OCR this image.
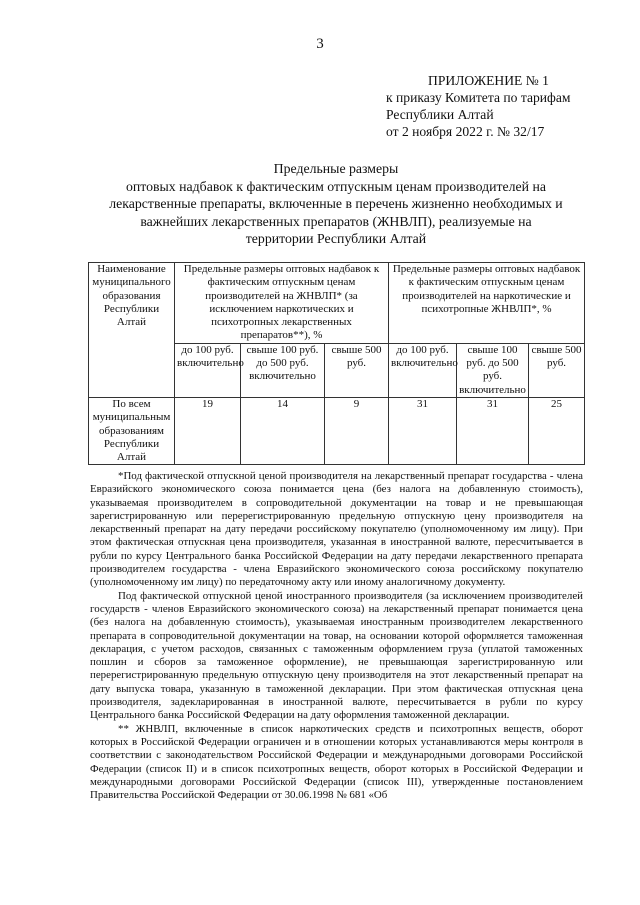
3
ПРИЛОЖЕНИЕ № 1
к приказу Комитета по тарифам
Республики Алтай
от 2 ноября 2022 г. № 32/17
Предельные размеры
оптовых надбавок к фактическим отпускным ценам производителей на
лекарственные препараты, включенные в перечень жизненно необходимых и
важнейших лекарственных препаратов (ЖНВЛП), реализуемые на
территории Республики Алтай
Наименование муниципального образования Республики Алтай	Предельные размеры оптовых надбавок к фактическим отпускным ценам производителей на ЖНВЛП* (за исключением наркотических и психотропных лекарственных препаратов**), %			Предельные размеры оптовых надбавок к фактическим отпускным ценам производителей на наркотические и психотропные ЖНВЛП*, %		
	до 100 руб. включительно	свыше 100 руб. до 500 руб. включительно	свыше 500 руб.	до 100 руб. включительно	свыше 100 руб. до 500 руб. включительно	свыше 500 руб.
По всем муниципальным образованиям Республики Алтай	19	14	9	31	31	25

*Под фактической отпускной ценой производителя на лекарственный препарат государства - члена Евразийского экономического союза понимается цена (без налога на добавленную стоимость), указываемая производителем в сопроводительной документации на товар и не превышающая зарегистрированную или перерегистрированную предельную отпускную цену производителя на лекарственный препарат на дату передачи российскому покупателю (уполномоченному им лицу). При этом фактическая отпускная цена производителя, указанная в иностранной валюте, пересчитывается в рубли по курсу Центрального банка Российской Федерации на дату передачи лекарственного препарата производителем государства - члена Евразийского экономического союза российскому покупателю (уполномоченному им лицу) по передаточному акту или иному аналогичному документу.

Под фактической отпускной ценой иностранного производителя (за исключением производителей государств - членов Евразийского экономического союза) на лекарственный препарат понимается цена (без налога на добавленную стоимость), указываемая иностранным производителем лекарственного препарата в сопроводительной документации на товар, на основании которой оформляется таможенная декларация, с учетом расходов, связанных с таможенным оформлением груза (уплатой таможенных пошлин и сборов за таможенное оформление), не превышающая зарегистрированную или перерегистрированную предельную отпускную цену производителя на этот лекарственный препарат на дату выпуска товара, указанную в таможенной декларации. При этом фактическая отпускная цена производителя, задекларированная в иностранной валюте, пересчитывается в рубли по курсу Центрального банка Российской Федерации на дату оформления таможенной декларации.

** ЖНВЛП, включенные в список наркотических средств и психотропных веществ, оборот которых в Российской Федерации ограничен и в отношении которых устанавливаются меры контроля в соответствии с законодательством Российской Федерации и международными договорами Российской Федерации (список II) и в список психотропных веществ, оборот которых в Российской Федерации и международными договорами Российской Федерации (список III), утвержденные постановлением Правительства Российской Федерации от 30.06.1998 № 681 «Об
